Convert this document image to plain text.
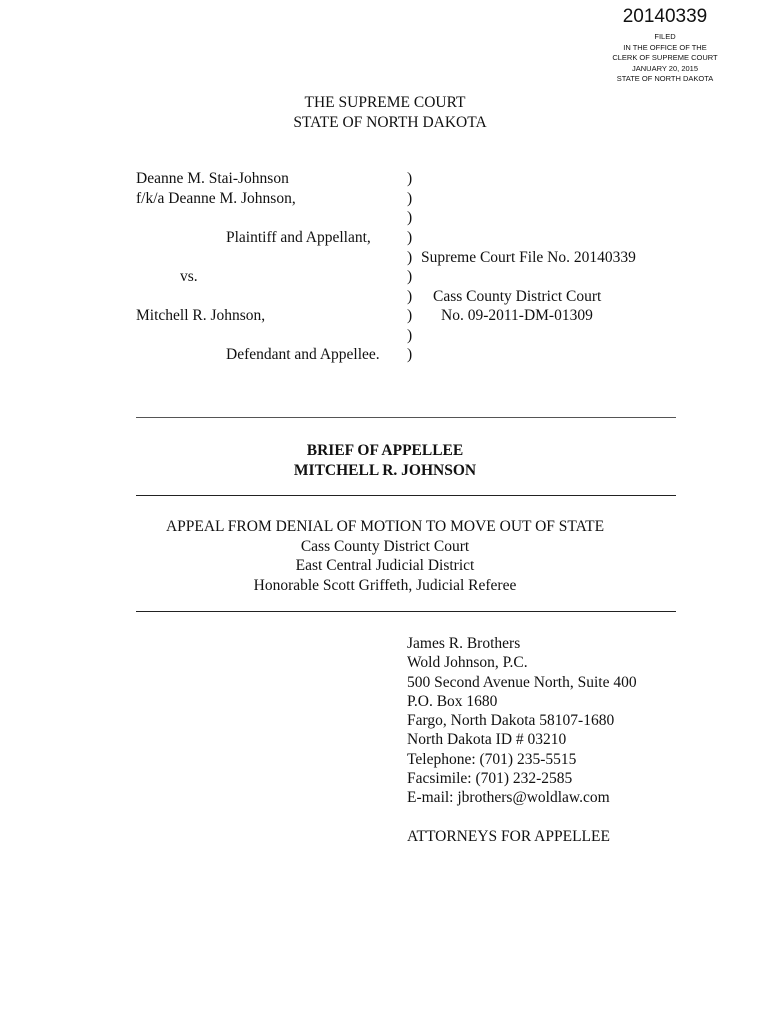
20140339
FILED
IN THE OFFICE OF THE
CLERK OF SUPREME COURT
JANUARY 20, 2015
STATE OF NORTH DAKOTA
THE SUPREME COURT
STATE OF NORTH DAKOTA
Deanne M. Stai-Johnson
f/k/a Deanne M. Johnson,
Plaintiff and Appellant,
vs.
Mitchell R. Johnson,
Defendant and Appellee.
)
)
)
)
)
)
)
)
)
)
Supreme Court File No. 20140339
Cass County District Court
No. 09-2011-DM-01309
BRIEF OF APPELLEE
MITCHELL R. JOHNSON
APPEAL FROM DENIAL OF MOTION TO MOVE OUT OF STATE
Cass County District Court
East Central Judicial District
Honorable Scott Griffeth, Judicial Referee
James R. Brothers
Wold Johnson, P.C.
500 Second Avenue North, Suite 400
P.O. Box 1680
Fargo, North Dakota 58107-1680
North Dakota ID # 03210
Telephone: (701) 235-5515
Facsimile: (701) 232-2585
E-mail: jbrothers@woldlaw.com
ATTORNEYS FOR APPELLEE
